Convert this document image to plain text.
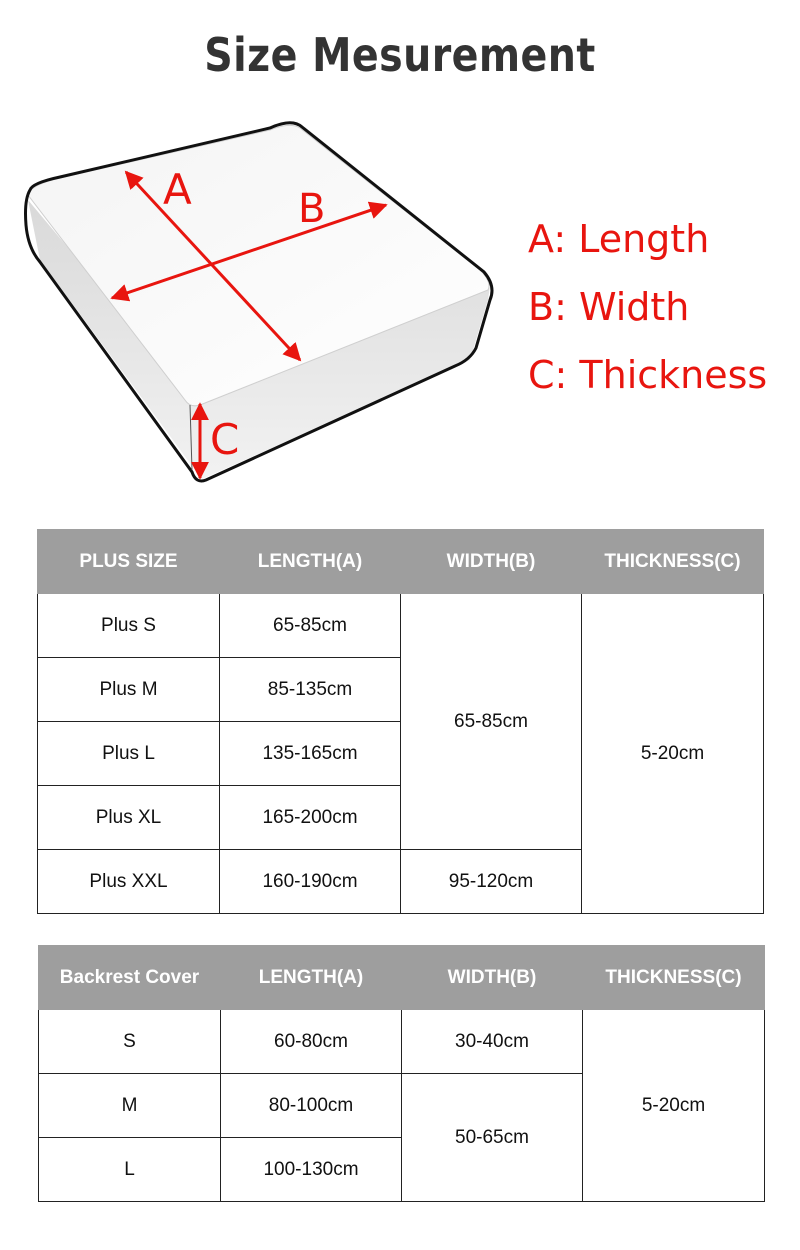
Size Mesurement
A	B
C
A: Length
B: Width
C: Thickness
PLUS SIZE	LENGTH(A)	WIDTH(B)	THICKNESS(C)
Plus S	65-85cm	65-85cm	5-20cm
Plus M	85-135cm		
Plus L	135-165cm		
Plus XL	165-200cm		
Plus XXL	160-190cm	95-120cm	
Backrest Cover	LENGTH(A)	WIDTH(B)	THICKNESS(C)
S	60-80cm	30-40cm	5-20cm
M	80-100cm	50-65cm	
L	100-130cm		
